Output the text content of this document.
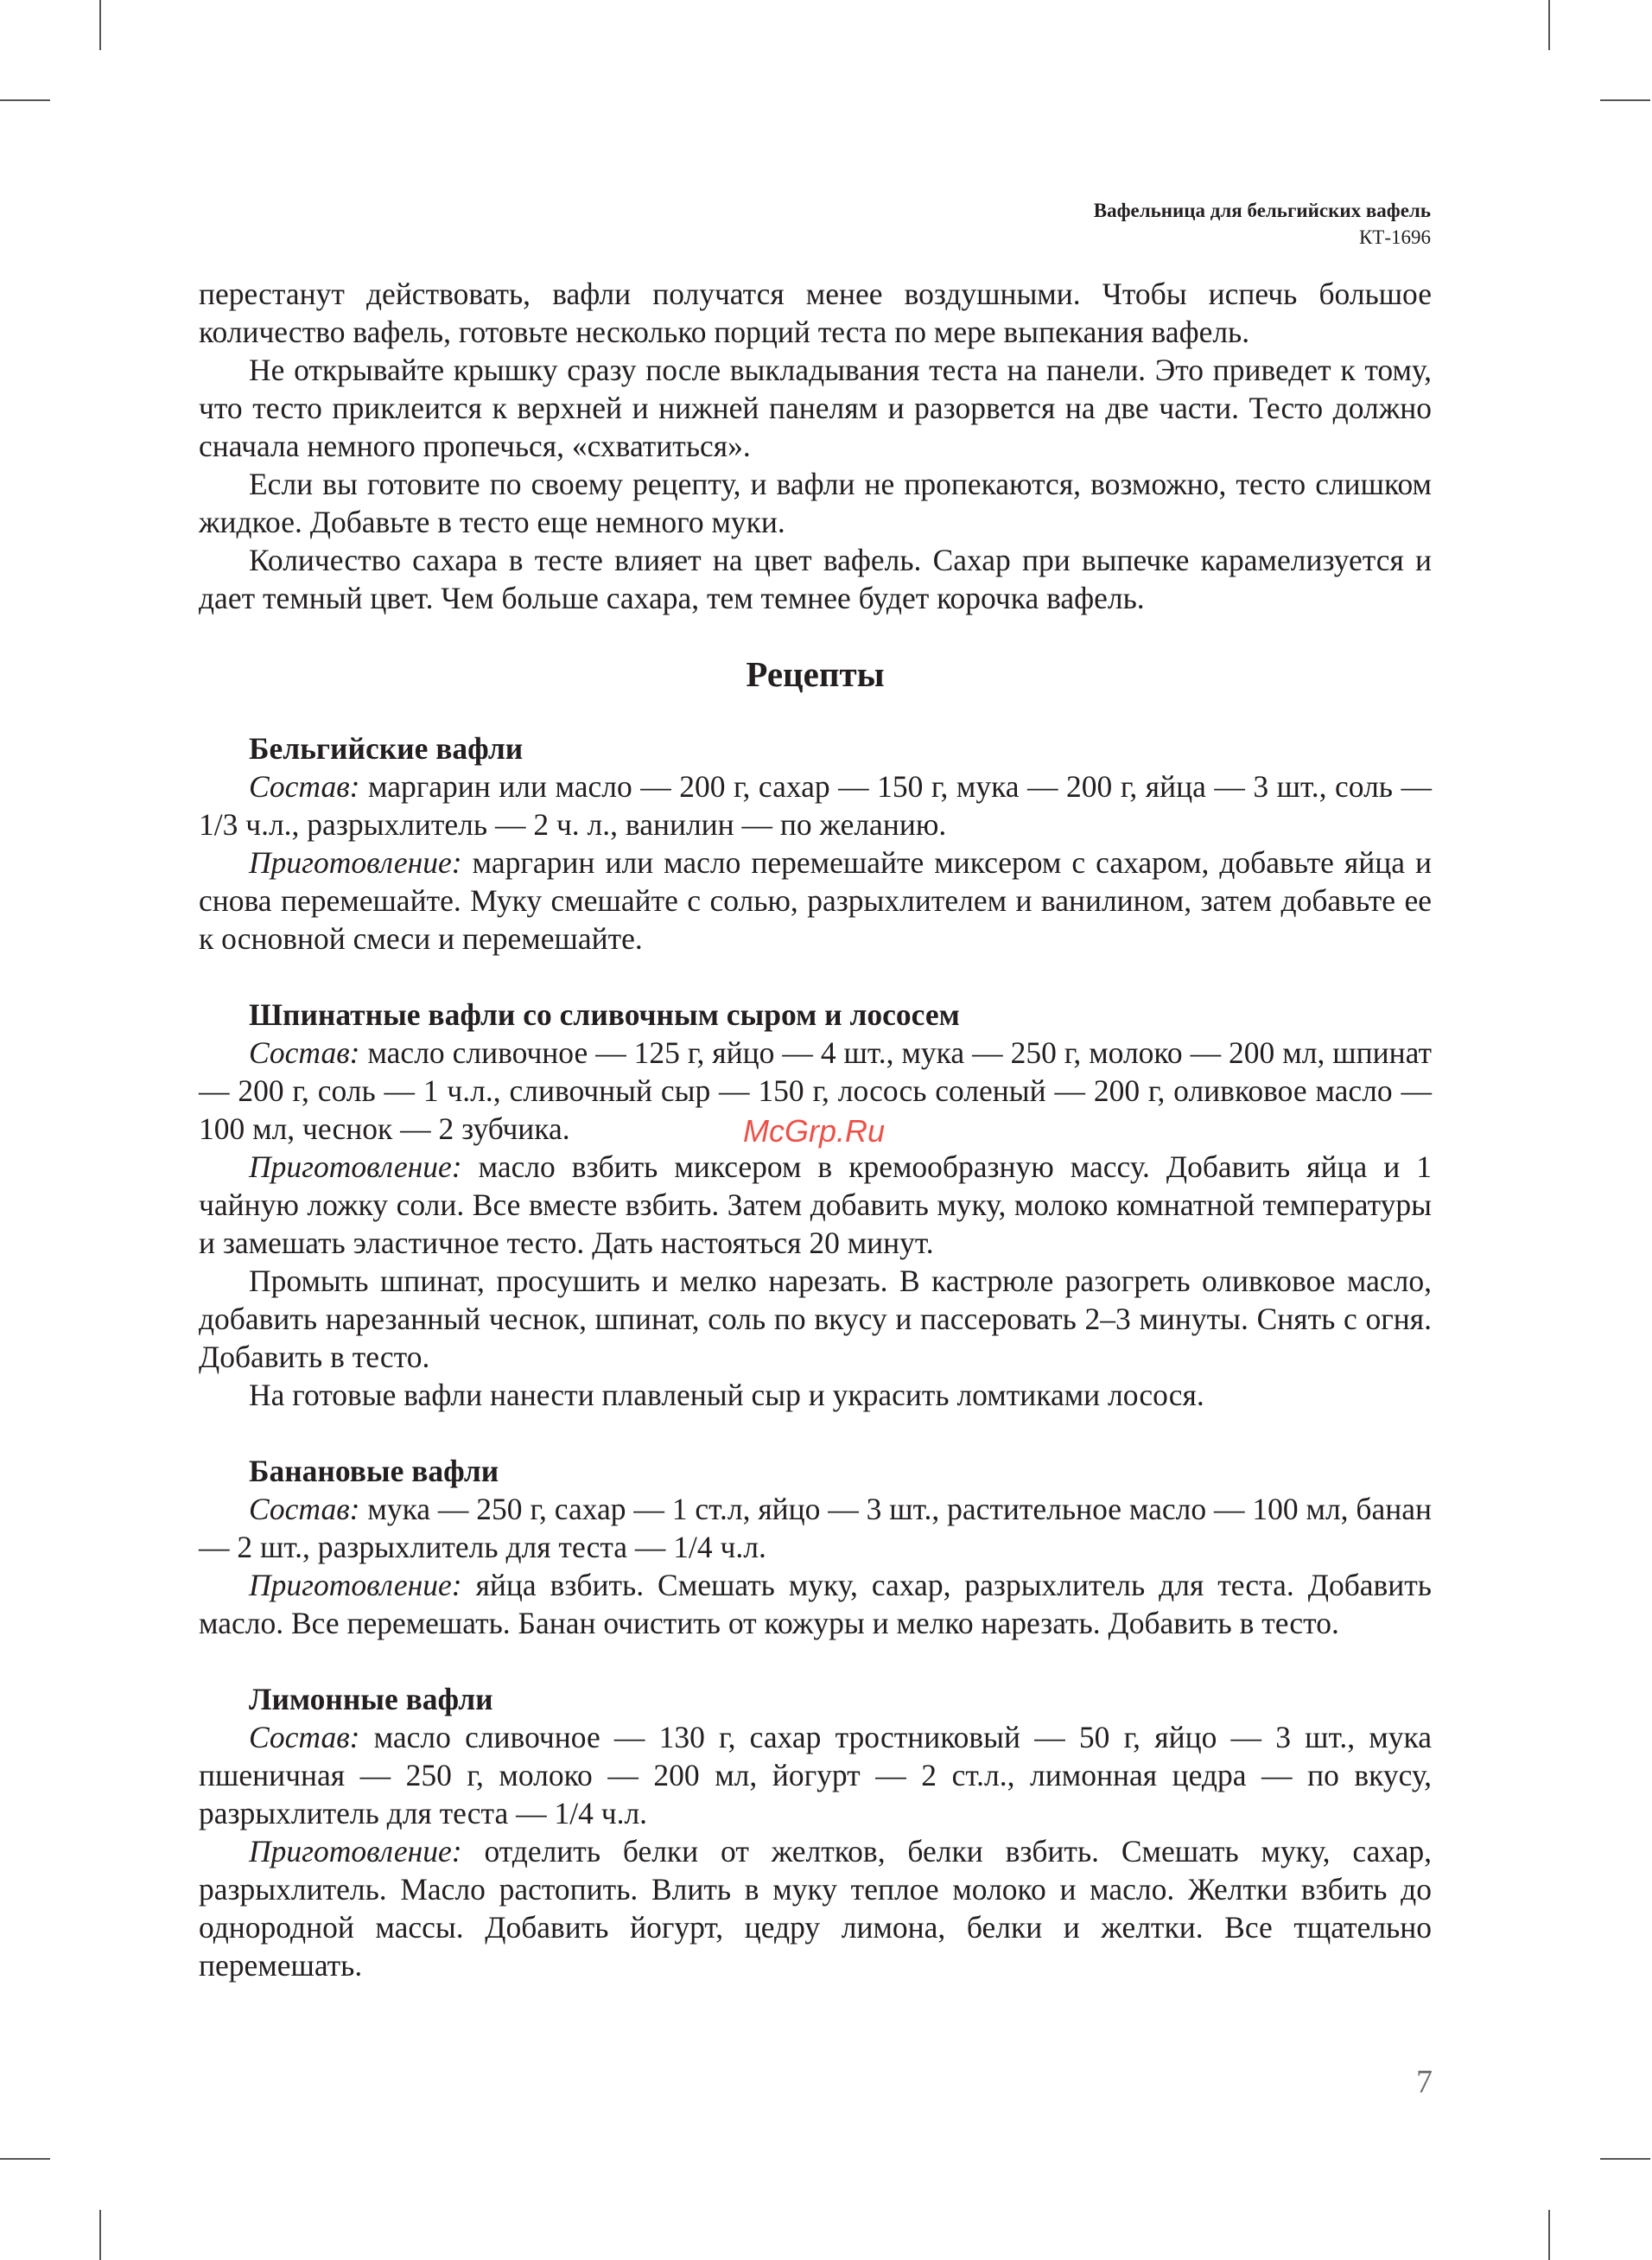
Вафельница для бельгийских вафель
КТ-1696

перестанут действовать, вафли получатся менее воздушными. Чтобы испечь большое количество вафель, готовьте несколько порций теста по мере выпекания вафель.

Не открывайте крышку сразу после выкладывания теста на панели. Это приведет к тому, что тесто приклеится к верхней и нижней панелям и разорвется на две части. Тесто должно сначала немного пропечься, «схватиться».

Если вы готовите по своему рецепту, и вафли не пропекаются, возможно, тесто слишком жидкое. Добавьте в тесто еще немного муки.

Количество сахара в тесте влияет на цвет вафель. Сахар при выпечке карамелизуется и дает темный цвет. Чем больше сахара, тем темнее будет корочка вафель.

Рецепты

Бельгийские вафли

Состав: маргарин или масло — 200 г, сахар — 150 г, мука — 200 г, яйца — 3 шт., соль — 1/3 ч.л., разрыхлитель — 2 ч. л., ванилин — по желанию.

Приготовление: маргарин или масло перемешайте миксером с сахаром, добавьте яйца и снова перемешайте. Муку смешайте с солью, разрыхлителем и ванилином, затем добавьте ее к основной смеси и перемешайте.

Шпинатные вафли со сливочным сыром и лососем

Состав: масло сливочное — 125 г, яйцо — 4 шт., мука — 250 г, молоко — 200 мл, шпинат — 200 г, соль — 1 ч.л., сливочный сыр — 150 г, лосось соленый — 200 г, оливковое масло — 100 мл, чеснок — 2 зубчика.

Приготовление: масло взбить миксером в кремообразную массу. Добавить яйца и 1 чайную ложку соли. Все вместе взбить. Затем добавить муку, молоко комнатной температуры и замешать эластичное тесто. Дать настояться 20 минут.

Промыть шпинат, просушить и мелко нарезать. В кастрюле разогреть оливковое масло, добавить нарезанный чеснок, шпинат, соль по вкусу и пассеровать 2–3 минуты. Снять с огня. Добавить в тесто.

На готовые вафли нанести плавленый сыр и украсить ломтиками лосося.

Банановые вафли

Состав: мука — 250 г, сахар — 1 ст.л, яйцо — 3 шт., растительное масло — 100 мл, банан — 2 шт., разрыхлитель для теста — 1/4 ч.л.

Приготовление: яйца взбить. Смешать муку, сахар, разрыхлитель для теста. Добавить масло. Все перемешать. Банан очистить от кожуры и мелко нарезать. Добавить в тесто.

Лимонные вафли

Состав: масло сливочное — 130 г, сахар тростниковый — 50 г, яйцо — 3 шт., мука пшеничная — 250 г, молоко — 200 мл, йогурт — 2 ст.л., лимонная цедра — по вкусу, разрыхлитель для теста — 1/4 ч.л.

Приготовление: отделить белки от желтков, белки взбить. Смешать муку, сахар, разрыхлитель. Масло растопить. Влить в муку теплое молоко и масло. Желтки взбить до однородной массы. Добавить йогурт, цедру лимона, белки и желтки. Все тщательно перемешать.

McGrp.Ru
7
